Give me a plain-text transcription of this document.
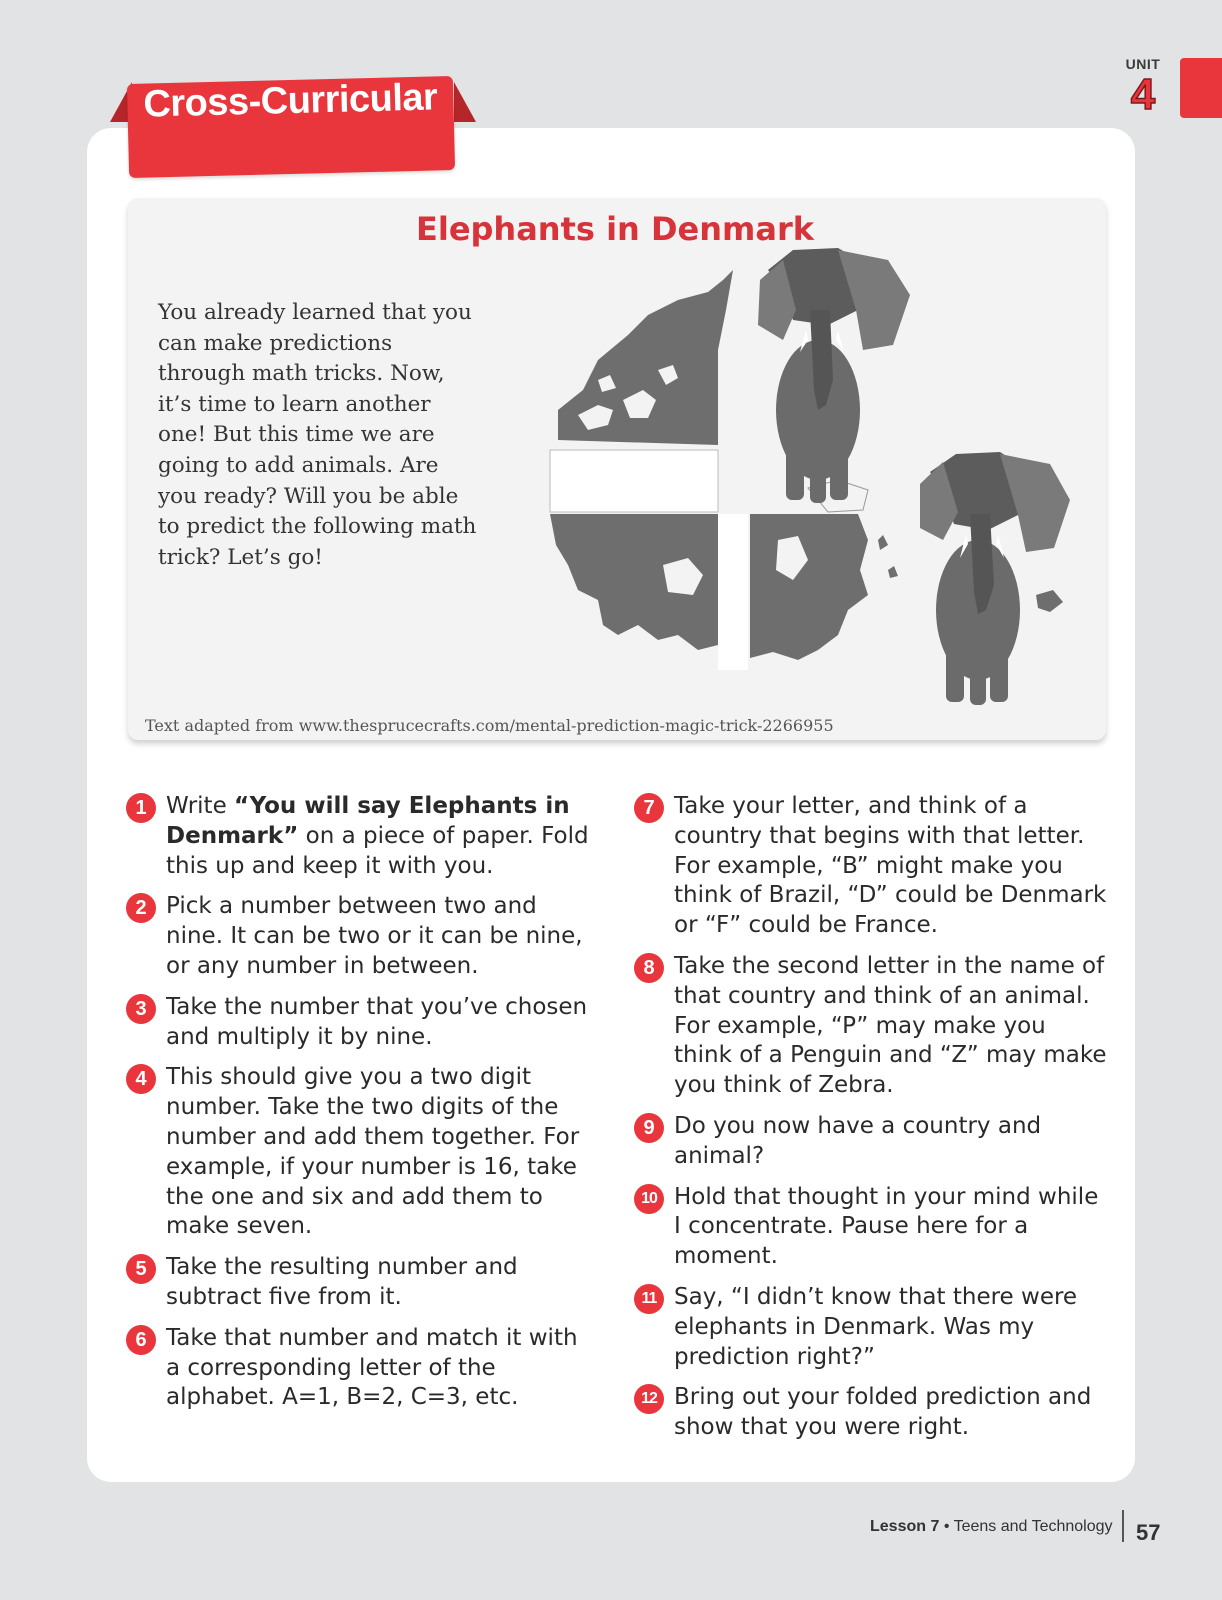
UNIT
4
Cross-Curricular
Elephants in Denmark

You already learned that you can make predictions through math tricks. Now, it’s time to learn another one! But this time we are going to add animals. Are you ready? Will you be able to predict the following math trick? Let’s go!

Text adapted from www.thesprucecrafts.com/mental-prediction-magic-trick-2266955
1 Write “You will say Elephants in Denmark” on a piece of paper. Fold this up and keep it with you.
2 Pick a number between two and nine. It can be two or it can be nine, or any number in between.
3 Take the number that you’ve chosen and multiply it by nine.
4 This should give you a two digit number. Take the two digits of the number and add them together. For example, if your number is 16, take the one and six and add them to make seven.
5 Take the resulting number and subtract five from it.
6 Take that number and match it with a corresponding letter of the alphabet. A=1, B=2, C=3, etc.
7 Take your letter, and think of a country that begins with that letter. For example, “B” might make you think of Brazil, “D” could be Denmark or “F” could be France.
8 Take the second letter in the name of that country and think of an animal. For example, “P” may make you think of a Penguin and “Z” may make you think of Zebra.
9 Do you now have a country and animal?
10 Hold that thought in your mind while I concentrate. Pause here for a moment.
11 Say, “I didn’t know that there were elephants in Denmark. Was my prediction right?”
12 Bring out your folded prediction and show that you were right.
Lesson 7 • Teens and Technology 57
